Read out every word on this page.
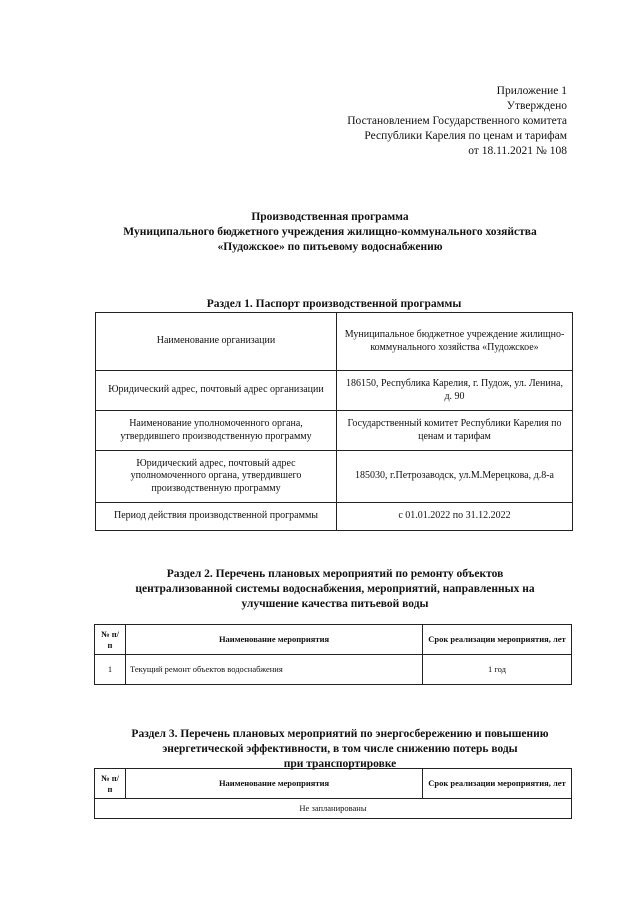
Приложение 1
Утверждено
Постановлением Государственного комитета
Республики Карелия по ценам и тарифам
от 18.11.2021 № 108
Производственная программа
Муниципального бюджетного учреждения жилищно-коммунального хозяйства
«Пудожское» по питьевому водоснабжению
Раздел 1. Паспорт производственной программы
Наименование организации	Муниципальное бюджетное учреждение жилищно-коммунального хозяйства «Пудожское»
Юридический адрес, почтовый адрес организации	186150, Республика Карелия, г. Пудож, ул. Ленина, д. 90
Наименование уполномоченного органа, утвердившего производственную программу	Государственный комитет Республики Карелия по ценам и тарифам
Юридический адрес, почтовый адрес уполномоченного органа, утвердившего производственную программу	185030, г.Петрозаводск, ул.М.Мерецкова, д.8-а
Период действия производственной программы	с 01.01.2022 по 31.12.2022
Раздел 2. Перечень плановых мероприятий по ремонту объектов
централизованной системы водоснабжения, мероприятий, направленных на
улучшение качества питьевой воды
№ п/п	Наименование мероприятия	Срок реализации мероприятия, лет
1	Текущий ремонт объектов водоснабжения	1 год
Раздел 3. Перечень плановых мероприятий по энергосбережению и повышению
энергетической эффективности, в том числе снижению потерь воды
при транспортировке
№ п/п	Наименование мероприятия	Срок реализации мероприятия, лет
Не запланированы
